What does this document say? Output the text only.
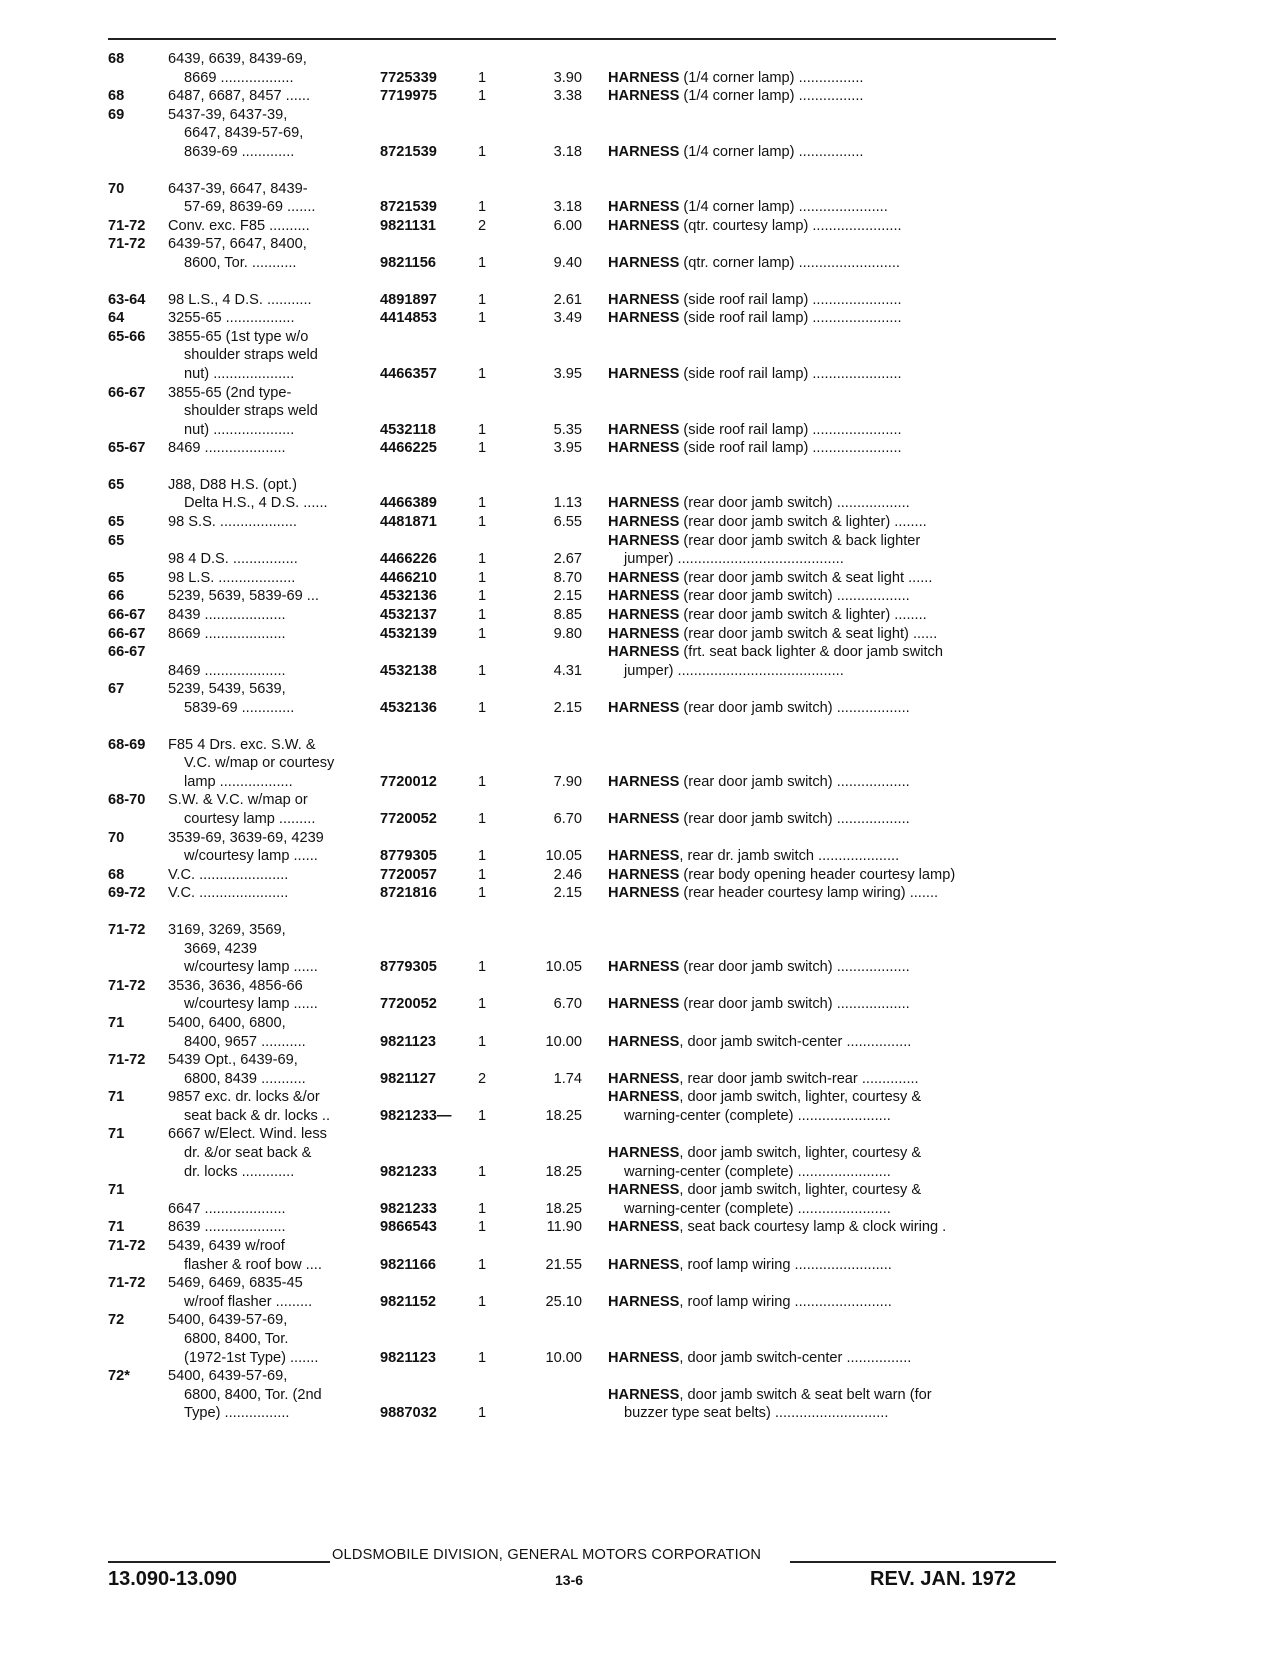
68	6439, 6639, 8439-69,
8669 ..................	7725339	1	3.90 HARNESS (1/4 corner lamp) ................
68	6487, 6687, 8457 ......	7719975	1	3.38 HARNESS (1/4 corner lamp) ................
69	5437-39, 6437-39,
6647, 8439-57-69,
8639-69 .............	8721539	1	3.18 HARNESS (1/4 corner lamp) ................
70	6437-39, 6647, 8439-
57-69, 8639-69 .......	8721539	1	3.18 HARNESS (1/4 corner lamp) ......................
71-72	Conv. exc. F85 ..........	9821131	2	6.00 HARNESS (qtr. courtesy lamp) ......................
71-72	6439-57, 6647, 8400,
8600, Tor. ...........	9821156	1	9.40 HARNESS (qtr. corner lamp) .........................
63-64	98 L.S., 4 D.S. ...........	4891897	1	2.61 HARNESS (side roof rail lamp) ......................
64	3255-65 .................	4414853	1	3.49 HARNESS (side roof rail lamp) ......................
65-66	3855-65 (1st type w/o
shoulder straps weld
nut) ....................	4466357	1	3.95 HARNESS (side roof rail lamp) ......................
66-67	3855-65 (2nd type-
shoulder straps weld
nut) ....................	4532118	1	5.35 HARNESS (side roof rail lamp) ......................
65-67	8469 ....................	4466225	1	3.95 HARNESS (side roof rail lamp) ......................
65	J88, D88 H.S. (opt.)
Delta H.S., 4 D.S. ......	4466389	1	1.13 HARNESS (rear door jamb switch) ..................
65	98 S.S. ...................	4481871	1	6.55 HARNESS (rear door jamb switch & lighter) ........
65
98 4 D.S. ................	4466226	1	2.67
HARNESS (rear door jamb switch & back lighter
jumper) .........................................
65	98 L.S. ...................	4466210	1	8.70 HARNESS (rear door jamb switch & seat light ......
66	5239, 5639, 5839-69 ...	4532136	1	2.15 HARNESS (rear door jamb switch) ..................
66-67	8439 ....................	4532137	1	8.85 HARNESS (rear door jamb switch & lighter) ........
66-67	8669 ....................	4532139	1	9.80 HARNESS (rear door jamb switch & seat light) ......
66-67
8469 ....................	4532138	1	4.31
HARNESS (frt. seat back lighter & door jamb switch
jumper) .........................................
67	5239, 5439, 5639,
5839-69 .............	4532136	1	2.15 HARNESS (rear door jamb switch) ..................
68-69	F85 4 Drs. exc. S.W. &
V.C. w/map or courtesy
lamp ..................	7720012	1	7.90 HARNESS (rear door jamb switch) ..................
68-70	S.W. & V.C. w/map or
courtesy lamp .........	7720052	1	6.70 HARNESS (rear door jamb switch) ..................
70	3539-69, 3639-69, 4239
w/courtesy lamp ......	8779305	1	10.05 HARNESS, rear dr. jamb switch ....................
68	V.C. ......................	7720057	1	2.46 HARNESS (rear body opening header courtesy lamp)
69-72	V.C. ......................	8721816	1	2.15 HARNESS (rear header courtesy lamp wiring) .......
71-72	3169, 3269, 3569,
3669, 4239
w/courtesy lamp ......	8779305	1	10.05 HARNESS (rear door jamb switch) ..................
71-72	3536, 3636, 4856-66
w/courtesy lamp ......	7720052	1	6.70 HARNESS (rear door jamb switch) ..................
71	5400, 6400, 6800,
8400, 9657 ...........	9821123	1	10.00 HARNESS, door jamb switch-center ................
71-72	5439 Opt., 6439-69,
6800, 8439 ...........	9821127	2	1.74 HARNESS, rear door jamb switch-rear ..............
71	9857 exc. dr. locks &/or
seat back & dr. locks ..	9821233—	1	18.25
HARNESS, door jamb switch, lighter, courtesy &
warning-center (complete) .......................
71	6667 w/Elect. Wind. less
dr. &/or seat back &
dr. locks .............	9821233	1	18.25
HARNESS, door jamb switch, lighter, courtesy &
warning-center (complete) .......................
71
6647 ....................	9821233	1	18.25
HARNESS, door jamb switch, lighter, courtesy &
warning-center (complete) .......................
71	8639 ....................	9866543	1	11.90 HARNESS, seat back courtesy lamp & clock wiring .
71-72	5439, 6439 w/roof
flasher & roof bow ....	9821166	1	21.55 HARNESS, roof lamp wiring ........................
71-72	5469, 6469, 6835-45
w/roof flasher .........	9821152	1	25.10 HARNESS, roof lamp wiring ........................
72	5400, 6439-57-69,
6800, 8400, Tor.
(1972-1st Type) .......	9821123	1	10.00 HARNESS, door jamb switch-center ................
72*	5400, 6439-57-69,
6800, 8400, Tor. (2nd
Type) ................	9887032	1
HARNESS, door jamb switch & seat belt warn (for
buzzer type seat belts) ............................
OLDSMOBILE DIVISION, GENERAL MOTORS CORPORATION
13.090-13.090	13-6	REV. JAN. 1972
